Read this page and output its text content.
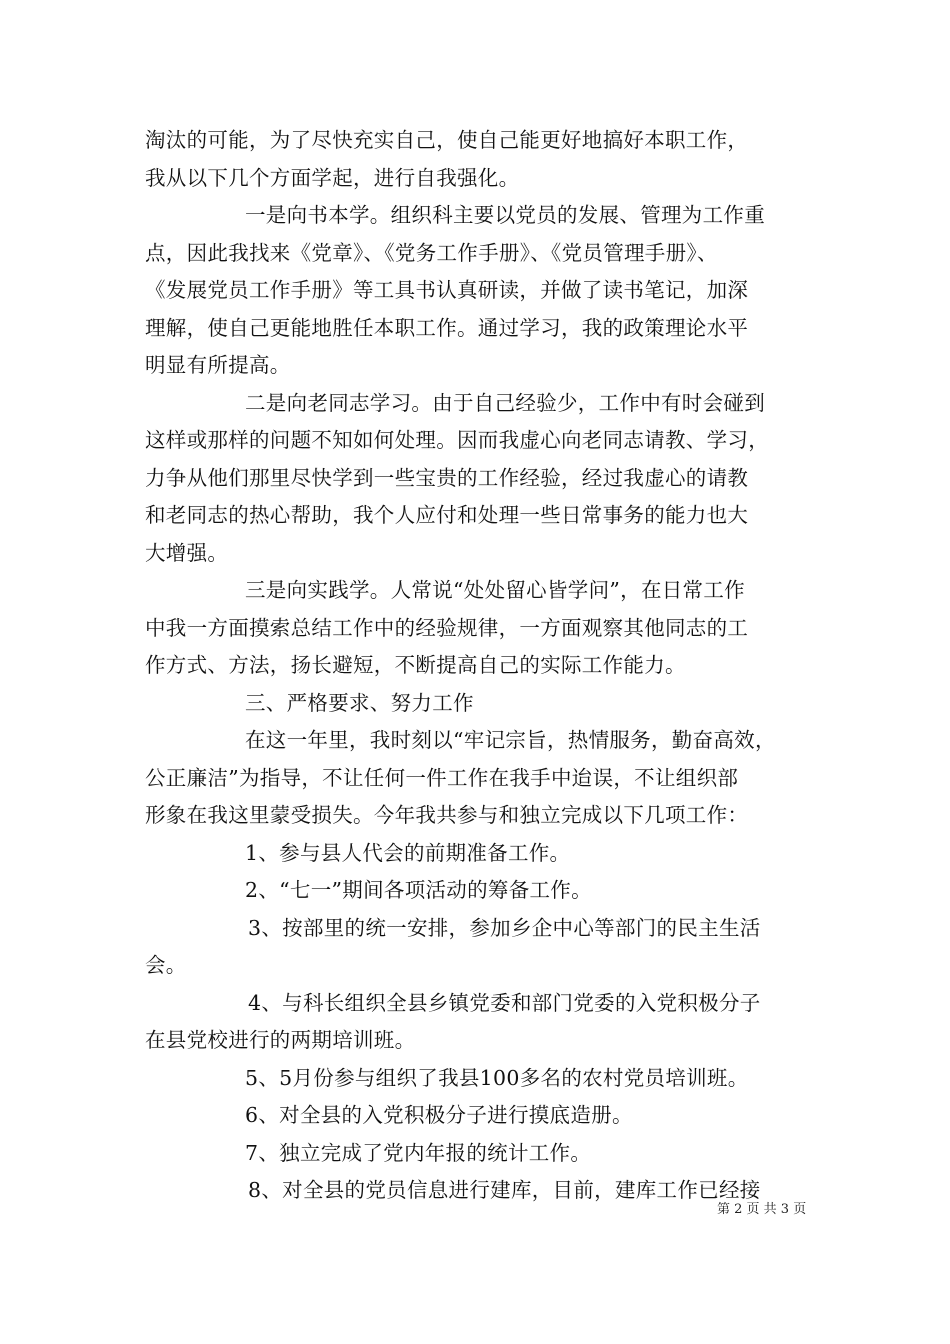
淘汰的可能，为了尽快充实自己，使自己能更好地搞好本职工作，
我从以下几个方面学起，进行自我强化。
一是向书本学。组织科主要以党员的发展、管理为工作重
点，因此我找来《党章》、《党务工作手册》、《党员管理手册》、
《发展党员工作手册》等工具书认真研读，并做了读书笔记，加深
理解，使自己更能地胜任本职工作。通过学习，我的政策理论水平
明显有所提高。
二是向老同志学习。由于自己经验少，工作中有时会碰到
这样或那样的问题不知如何处理。因而我虚心向老同志请教、学习，
力争从他们那里尽快学到一些宝贵的工作经验，经过我虚心的请教
和老同志的热心帮助，我个人应付和处理一些日常事务的能力也大
大增强。
三是向实践学。人常说“处处留心皆学问”，在日常工作
中我一方面摸索总结工作中的经验规律，一方面观察其他同志的工
作方式、方法，扬长避短，不断提高自己的实际工作能力。
三、严格要求、努力工作
在这一年里，我时刻以“牢记宗旨，热情服务，勤奋高效，
公正廉洁”为指导，不让任何一件工作在我手中迨误，不让组织部
形象在我这里蒙受损失。今年我共参与和独立完成以下几项工作：
1、参与县人代会的前期准备工作。
2、“七一”期间各项活动的筹备工作。
3、按部里的统一安排，参加乡企中心等部门的民主生活
会。
4、与科长组织全县乡镇党委和部门党委的入党积极分子
在县党校进行的两期培训班。
5、5月份参与组织了我县100多名的农村党员培训班。
6、对全县的入党积极分子进行摸底造册。
7、独立完成了党内年报的统计工作。
8、对全县的党员信息进行建库，目前，建库工作已经接
第 2 页 共 3 页
